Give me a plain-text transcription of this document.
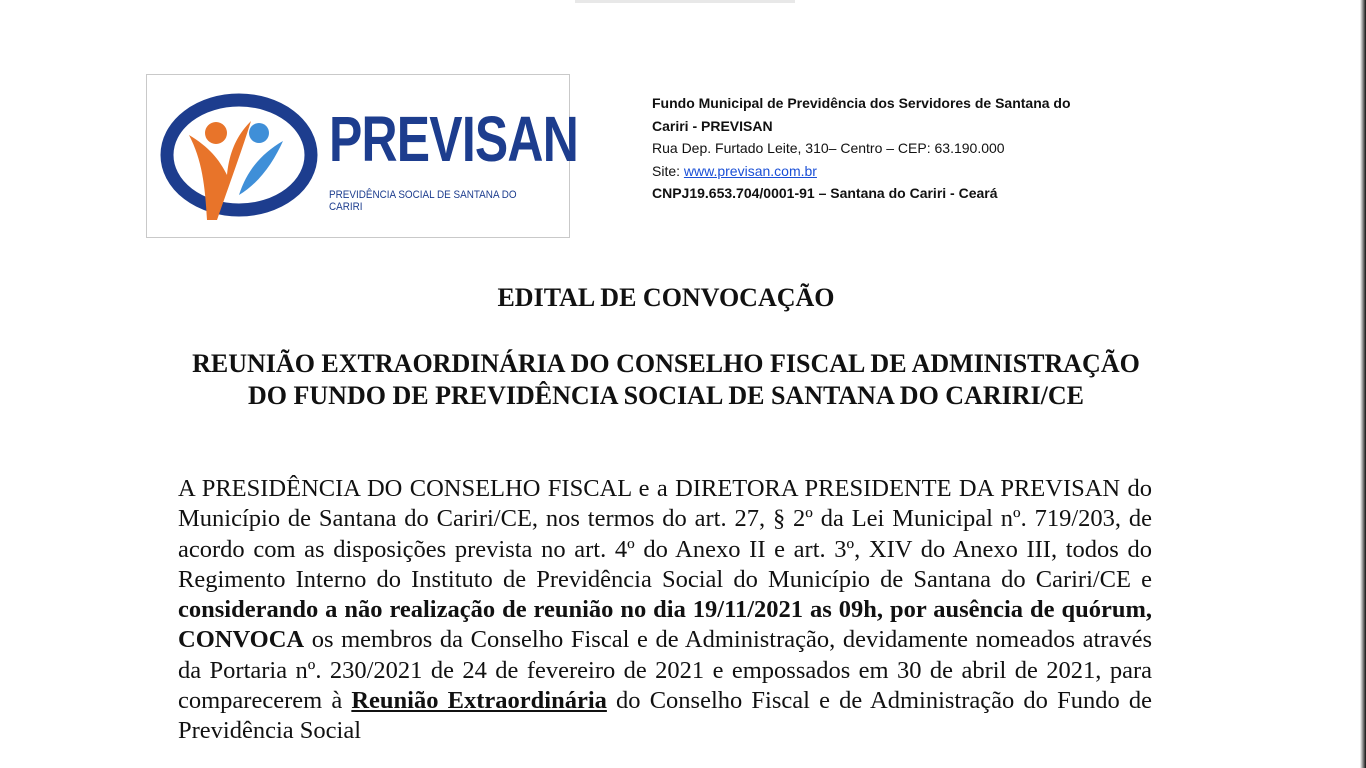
PREVISAN
PREVIDÊNCIA SOCIAL DE SANTANA DO CARIRI
Fundo Municipal de Previdência dos Servidores de Santana do
Cariri - PREVISAN
Rua Dep. Furtado Leite, 310– Centro – CEP: 63.190.000
Site: www.previsan.com.br
CNPJ19.653.704/0001-91 – Santana do Cariri - Ceará
EDITAL DE CONVOCAÇÃO
REUNIÃO EXTRAORDINÁRIA DO CONSELHO FISCAL DE ADMINISTRAÇÃO DO FUNDO DE PREVIDÊNCIA SOCIAL DE SANTANA DO CARIRI/CE
A PRESIDÊNCIA DO CONSELHO FISCAL e a DIRETORA PRESIDENTE DA PREVISAN do Município de Santana do Cariri/CE, nos termos do art. 27, § 2º da Lei Municipal nº. 719/203, de acordo com as disposições prevista no art. 4º do Anexo II e art. 3º, XIV do Anexo III, todos do Regimento Interno do Instituto de Previdência Social do Município de Santana do Cariri/CE e considerando a não realização de reunião no dia 19/11/2021 as 09h, por ausência de quórum, CONVOCA os membros da Conselho Fiscal e de Administração, devidamente nomeados através da Portaria nº. 230/2021 de 24 de fevereiro de 2021 e empossados em 30 de abril de 2021, para comparecerem à Reunião Extraordinária do Conselho Fiscal e de Administração do Fundo de Previdência Social
